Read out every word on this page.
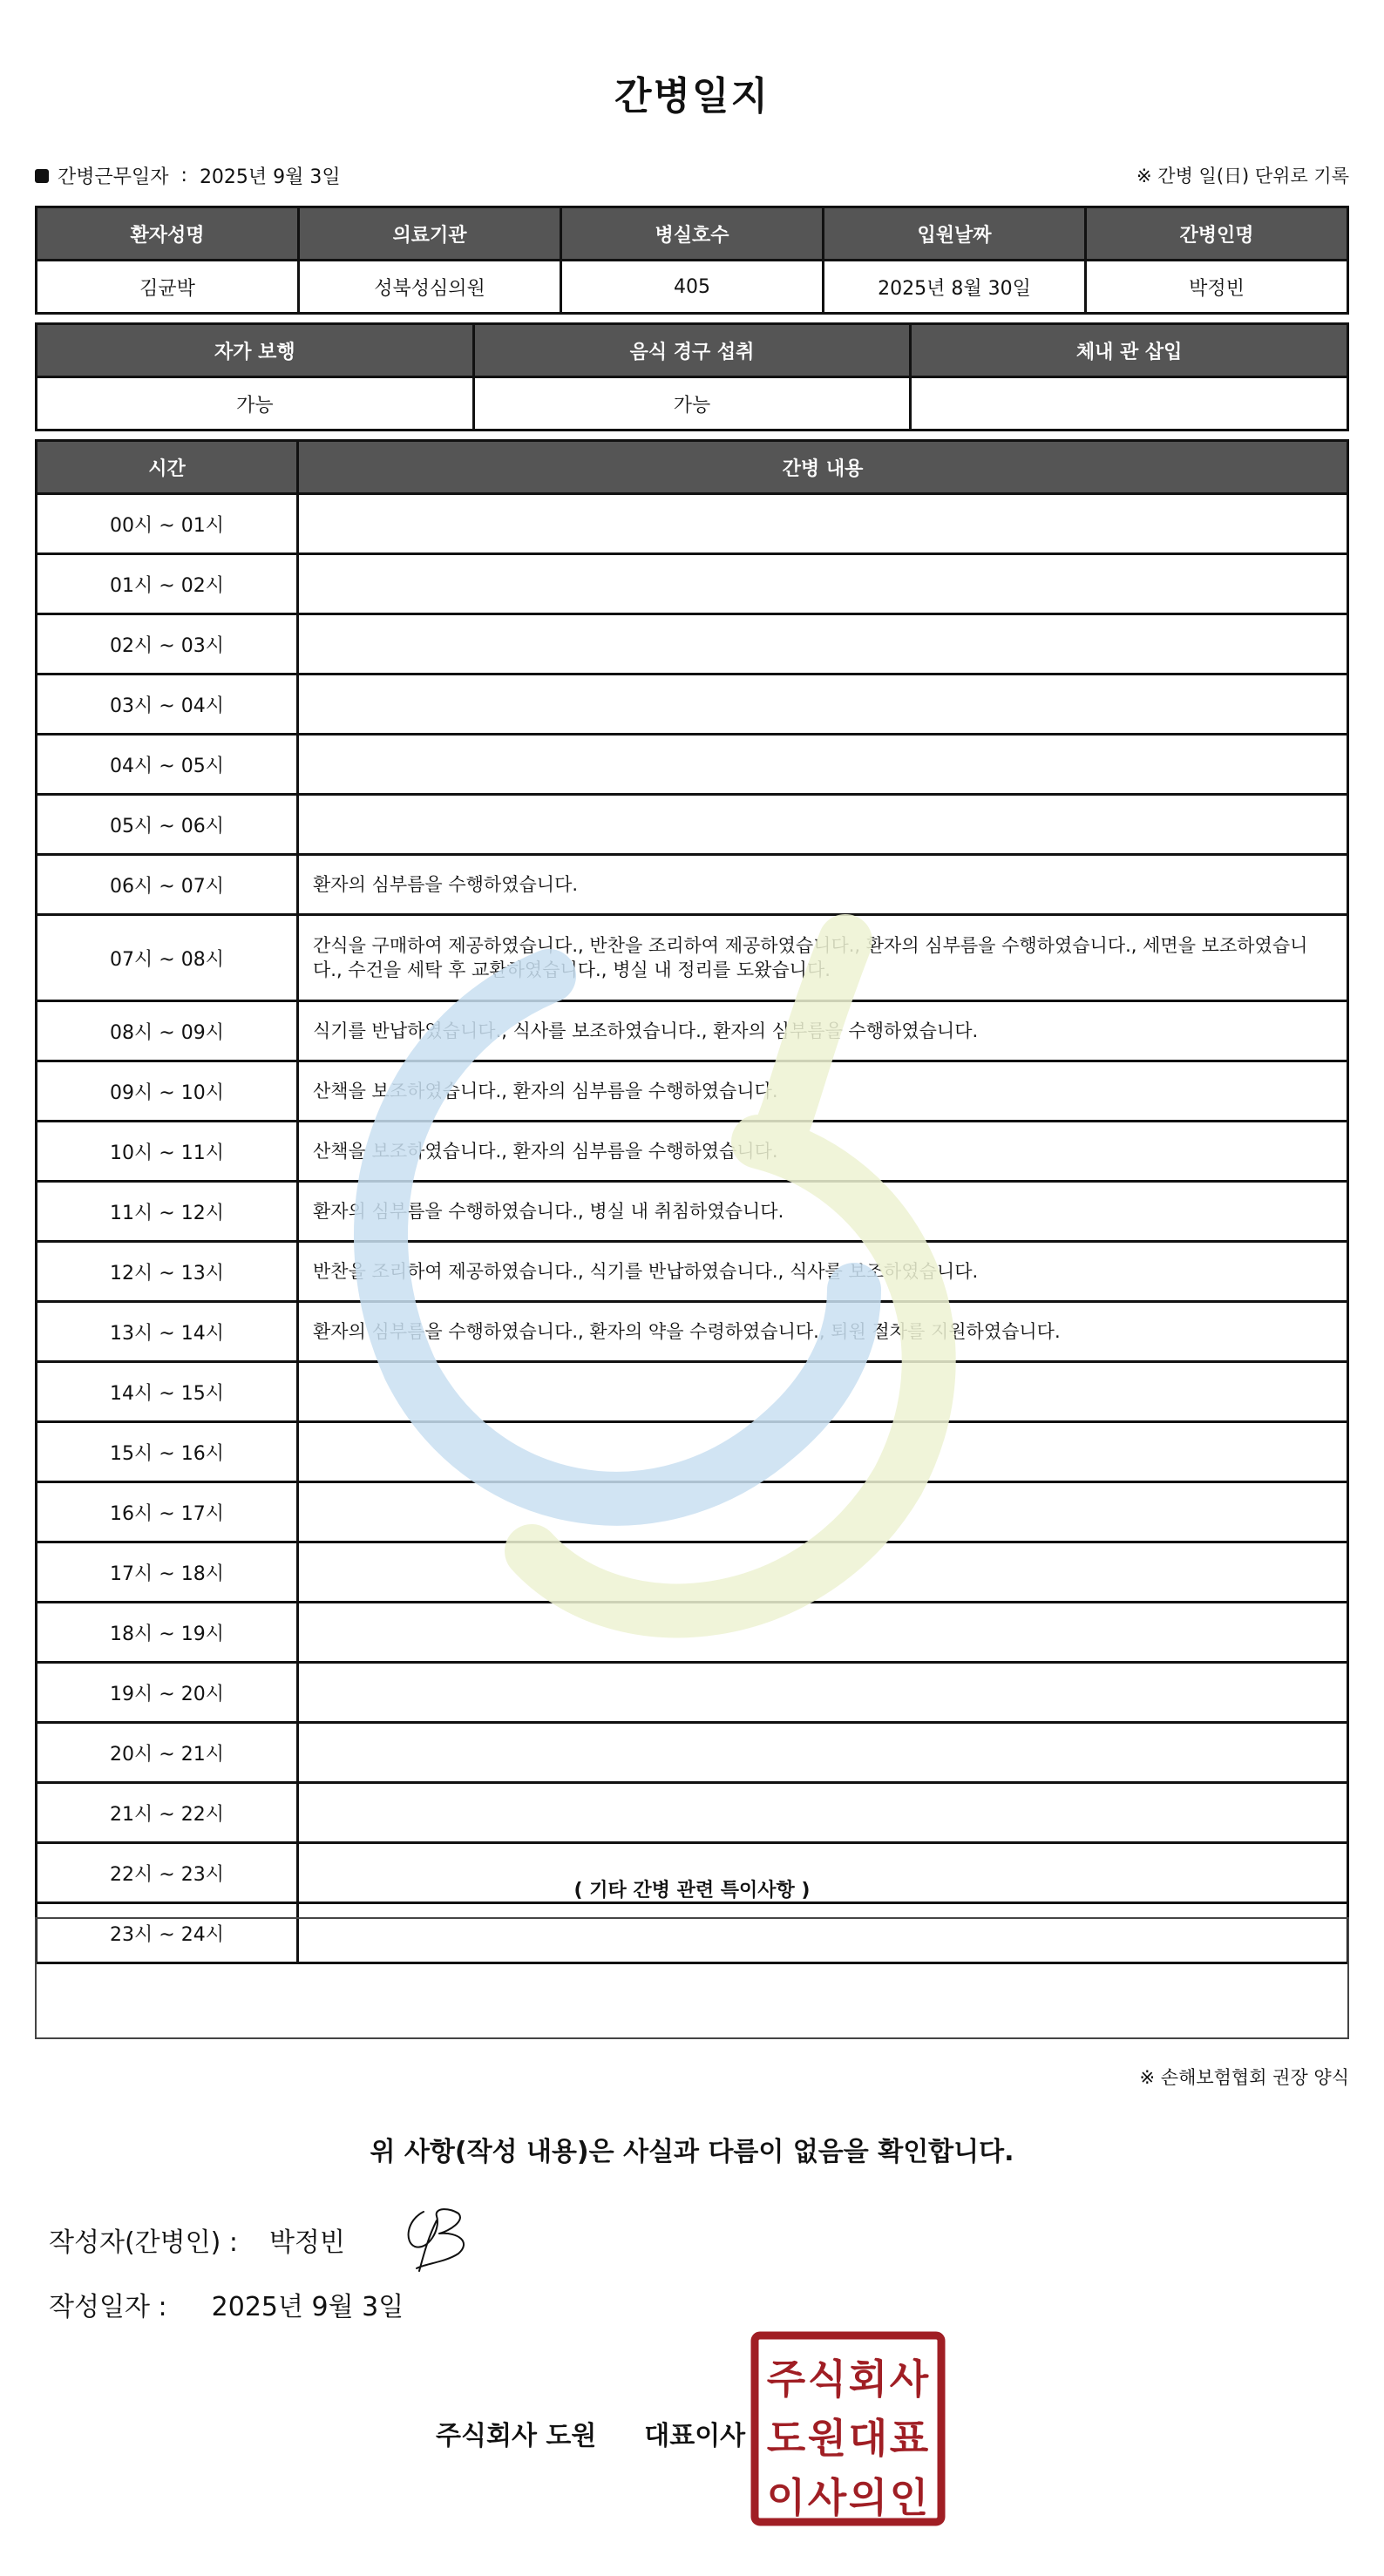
간병일지
간병근무일자 : 2025년 9월 3일	※ 간병 일(日) 단위로 기록
환자성명	의료기관	병실호수	입원날짜	간병인명
김균박	성북성심의원	405	2025년 8월 30일	박정빈
자가 보행	음식 경구 섭취	체내 관 삽입
가능	가능	
시간	간병 내용
00시 ~ 01시	
01시 ~ 02시	
02시 ~ 03시	
03시 ~ 04시	
04시 ~ 05시	
05시 ~ 06시	
06시 ~ 07시	환자의 심부름을 수행하였습니다.
07시 ~ 08시	간식을 구매하여 제공하였습니다., 반찬을 조리하여 제공하였습니다., 환자의 심부름을 수행하였습니다., 세면을 보조하였습니다., 수건을 세탁 후 교환하였습니다., 병실 내 정리를 도왔습니다.
08시 ~ 09시	식기를 반납하였습니다., 식사를 보조하였습니다., 환자의 심부름을 수행하였습니다.
09시 ~ 10시	산책을 보조하였습니다., 환자의 심부름을 수행하였습니다.
10시 ~ 11시	산책을 보조하였습니다., 환자의 심부름을 수행하였습니다.
11시 ~ 12시	환자의 심부름을 수행하였습니다., 병실 내 취침하였습니다.
12시 ~ 13시	반찬을 조리하여 제공하였습니다., 식기를 반납하였습니다., 식사를 보조하였습니다.
13시 ~ 14시	환자의 심부름을 수행하였습니다., 환자의 약을 수령하였습니다., 퇴원 절차를 지원하였습니다.
14시 ~ 15시	
15시 ~ 16시	
16시 ~ 17시	
17시 ~ 18시	
18시 ~ 19시	
19시 ~ 20시	
20시 ~ 21시	
21시 ~ 22시	
22시 ~ 23시	
23시 ~ 24시	
( 기타 간병 관련 특이사항 )
※ 손해보험협회 권장 양식
위 사항(작성 내용)은 사실과 다름이 없음을 확인합니다.
작성자(간병인) : 박정빈
작성일자 : 2025년 9월 3일
주식회사 도원 대표이사
주 식 회 사
도 원 대 표
이 사 의 인
